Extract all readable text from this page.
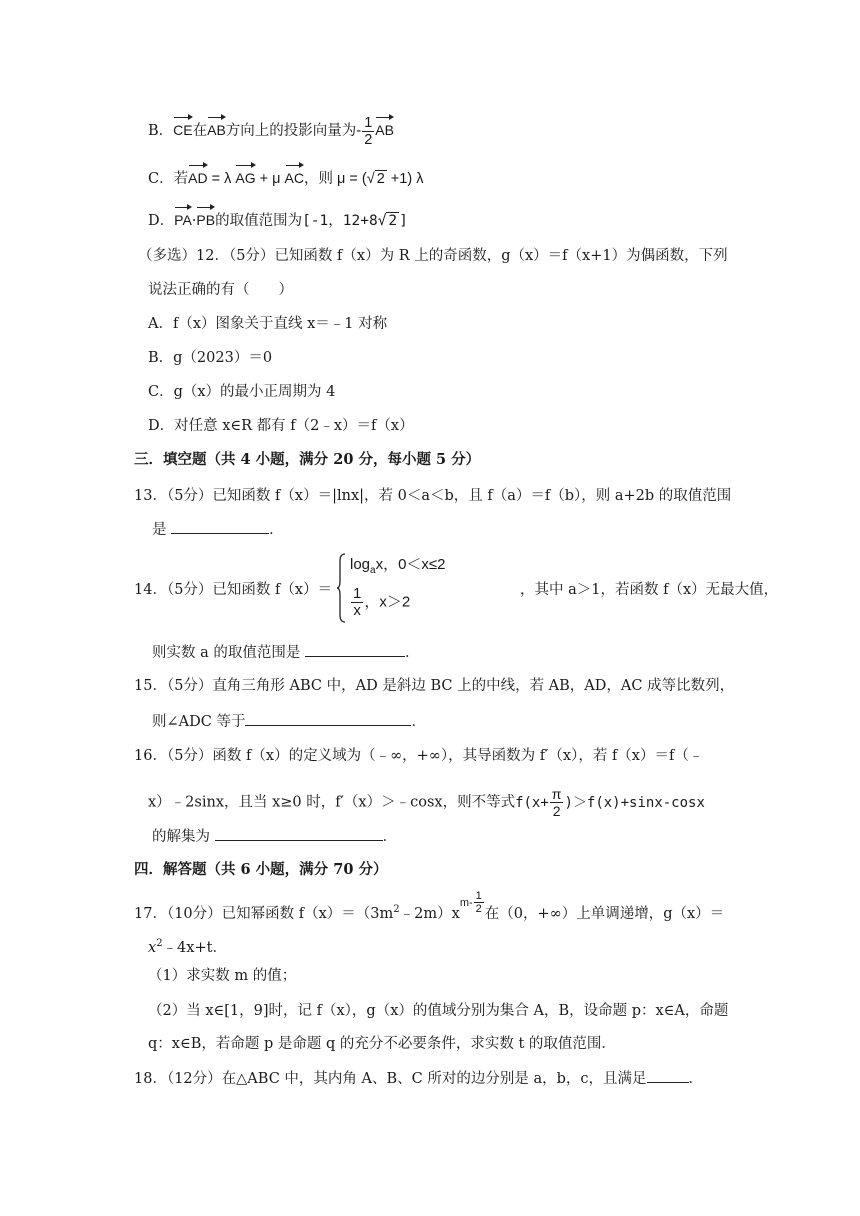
B．CE在AB方向上的投影向量为- $\frac{1}{2}$ AB
C．若AD = λ AG + μ AC，则 μ = (√ 2 +1) λ
D．PA·PB的取值范围为[-1，12+8√ 2 ]
（多选）12．（5分）已知函数 f（x）为 R 上的奇函数，g（x）＝f（x+1）为偶函数，下列
说法正确的有（　　）
A．f（x）图象关于直线 x＝﹣1 对称
B．g（2023）＝0
C．g（x）的最小正周期为 4
D．对任意 x∈R 都有 f（2﹣x）＝f（x）
三．填空题（共 4 小题，满分 20 分，每小题 5 分）
13．（5分）已知函数 f（x）＝|lnx|，若 0＜a＜b，且 f（a）＝f（b），则 a+2b 的取值范围
是	．
14．（5分）已知函数 f（x）＝
$\log_ax$，0＜x≤2
$\frac{1}{x}$ ，x＞2
，其中 a＞1，若函数 f（x）无最大值，
则实数 a 的取值范围是	．
15．（5分）直角三角形 ABC 中，AD 是斜边 BC 上的中线，若 AB，AD，AC 成等比数列，
则∠ADC 等于	．
16．（5分）函数 f（x）的定义域为（﹣∞，+∞），其导函数为 f′（x），若 f（x）＝f（﹣
x）﹣2sinx，且当 x≥0 时，f′（x）＞﹣cosx，则不等式$f(x+ \frac{\pi}{2} )>f(x)+\sin x-\cos x$
的解集为	．
四．解答题（共 6 小题，满分 70 分）
17．（10分）已知幂函数 $f(x)=(3m^2﹣2m)x^{m- \frac{1}{2}}$ 在（0，+∞）上单调递增，g（x）＝
$x^2﹣4x+t$．
（1）求实数 m 的值；
（2）当 x∈[1，9]时，记 f（x），g（x）的值域分别为集合 A，B，设命题 p：x∈A，命题
q：x∈B，若命题 p 是命题 q 的充分不必要条件，求实数 t 的取值范围．
18．（12分）在△ABC 中，其内角 A、B、C 所对的边分别是 a，b，c，且满足	．
